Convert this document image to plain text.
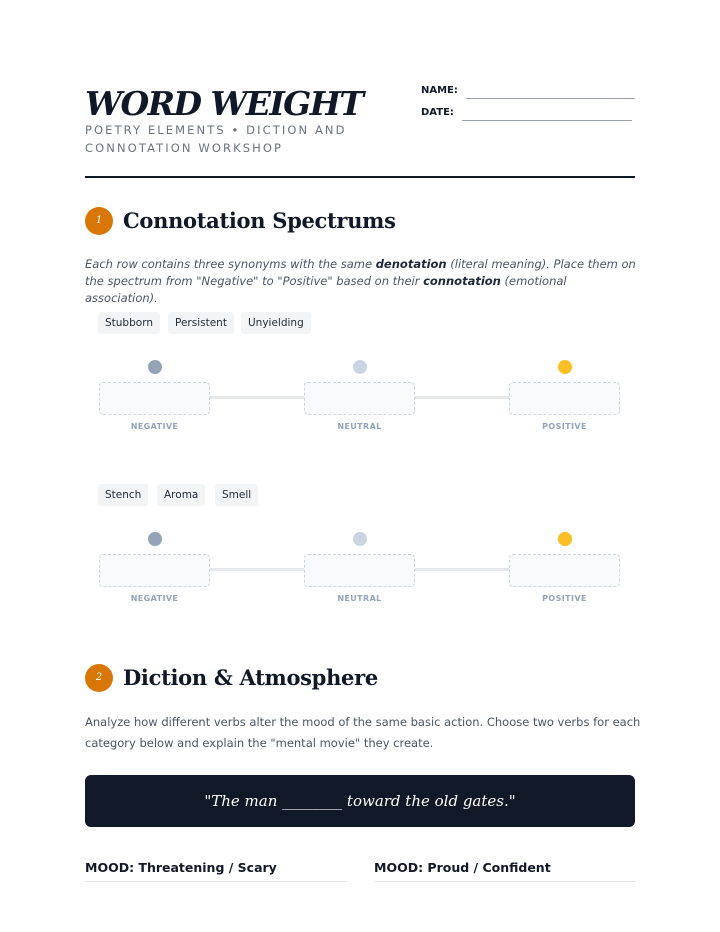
WORD WEIGHT
POETRY ELEMENTS • DICTION AND CONNOTATION WORKSHOP
NAME:
DATE:
1 Connotation Spectrums
Each row contains three synonyms with the same denotation (literal meaning). Place them on the spectrum from "Negative" to "Positive" based on their connotation (emotional association).
Stubborn	Persistent	Unyielding
NEGATIVE	NEUTRAL	POSITIVE
Stench	Aroma	Smell
NEGATIVE	NEUTRAL	POSITIVE
2 Diction & Atmosphere
Analyze how different verbs alter the mood of the same basic action. Choose two verbs for each category below and explain the "mental movie" they create.
"The man ________ toward the old gates."
MOOD: Threatening / Scary	MOOD: Proud / Confident
